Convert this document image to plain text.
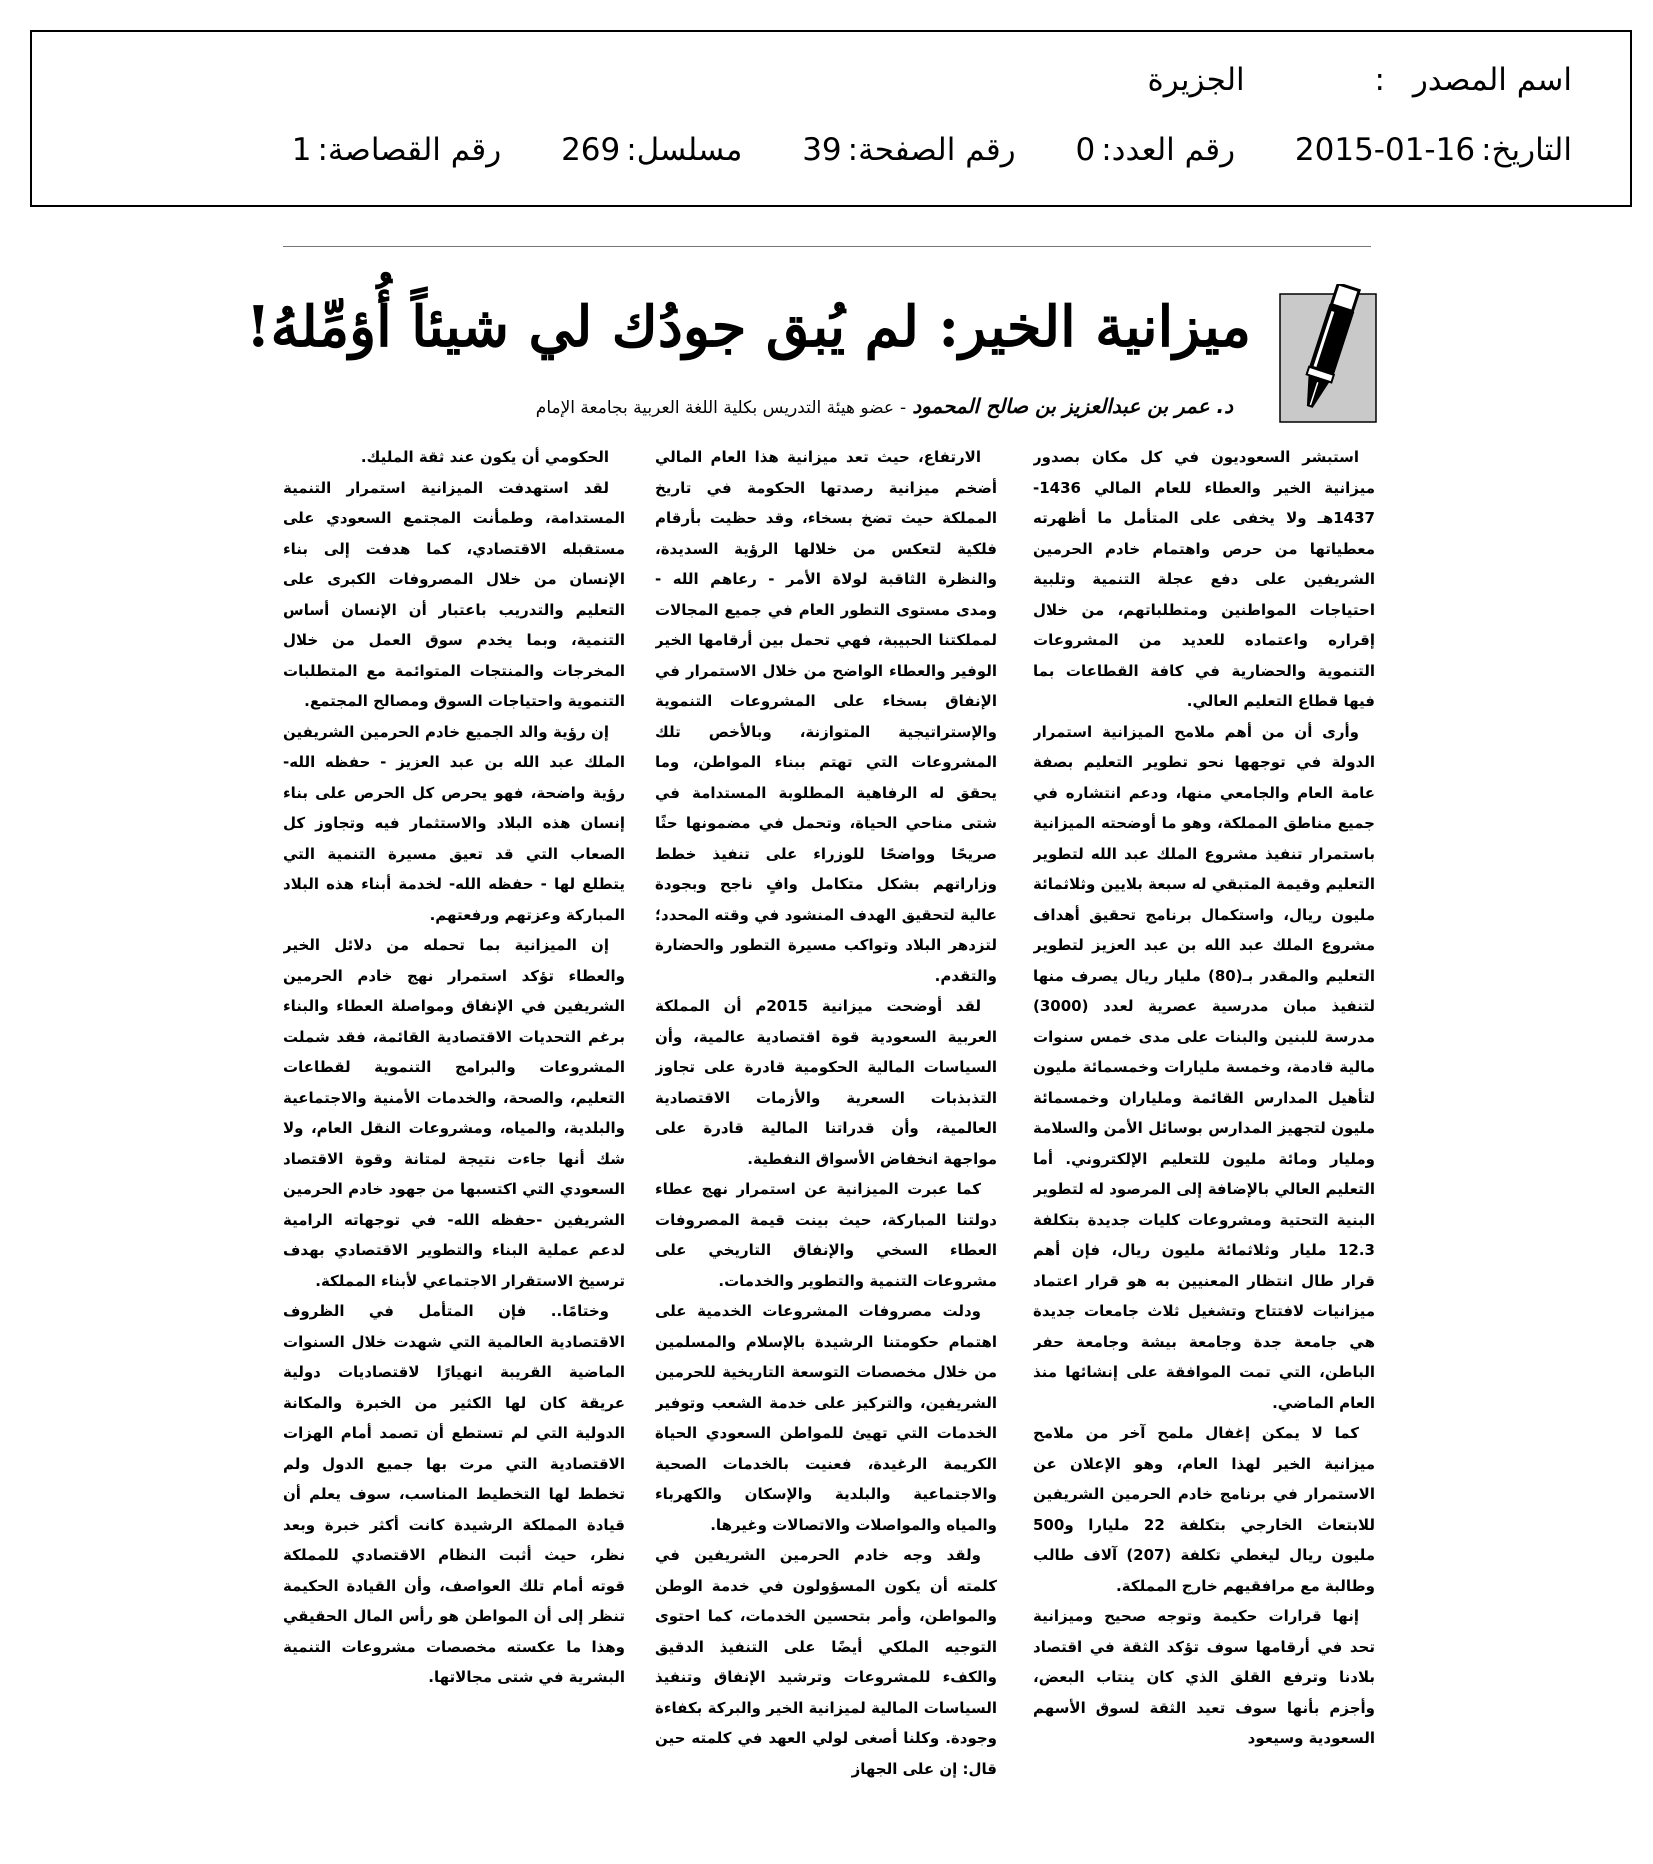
اسم المصدر : الجزيرة
التاريخ:2015-01-16 رقم العدد:0 رقم الصفحة:39 مسلسل:269 رقم القصاصة:1
ميزانية الخير: لم يُبق جودُك لي شيئاً أُؤمِّلهُ!
د. عمر بن عبدالعزيز بن صالح المحمود-عضو هيئة التدريس بكلية اللغة العربية بجامعة الإمام

استبشر السعوديون في كل مكان بصدور ميزانية الخير والعطاء للعام المالي 1436-1437هـ ولا يخفى على المتأمل ما أظهرته معطياتها من حرص واهتمام خادم الحرمين الشريفين على دفع عجلة التنمية وتلبية احتياجات المواطنين ومتطلباتهم، من خلال إقراره واعتماده للعديد من المشروعات التنموية والحضارية في كافة القطاعات بما فيها قطاع التعليم العالي.

وأرى أن من أهم ملامح الميزانية استمرار الدولة في توجهها نحو تطوير التعليم بصفة عامة العام والجامعي منها، ودعم انتشاره في جميع مناطق المملكة، وهو ما أوضحته الميزانية باستمرار تنفيذ مشروع الملك عبد الله لتطوير التعليم وقيمة المتبقي له سبعة بلايين وثلاثمائة مليون ريال، واستكمال برنامج تحقيق أهداف مشروع الملك عبد الله بن عبد العزيز لتطوير التعليم والمقدر بـ(80) مليار ريال يصرف منها لتنفيذ مبان مدرسية عصرية لعدد (3000) مدرسة للبنين والبنات على مدى خمس سنوات مالية قادمة، وخمسة مليارات وخمسمائة مليون لتأهيل المدارس القائمة وملياران وخمسمائة مليون لتجهيز المدارس بوسائل الأمن والسلامة ومليار ومائة مليون للتعليم الإلكتروني. أما التعليم العالي بالإضافة إلى المرصود له لتطوير البنية التحتية ومشروعات كليات جديدة بتكلفة 12.3 مليار وثلاثمائة مليون ريال، فإن أهم قرار طال انتظار المعنيين به هو قرار اعتماد ميزانيات لافتتاح وتشغيل ثلاث جامعات جديدة هي جامعة جدة وجامعة بيشة وجامعة حفر الباطن، التي تمت الموافقة على إنشائها منذ العام الماضي.

كما لا يمكن إغفال ملمح آخر من ملامح ميزانية الخير لهذا العام، وهو الإعلان عن الاستمرار في برنامج خادم الحرمين الشريفين للابتعاث الخارجي بتكلفة 22 مليارا و500 مليون ريال ليغطي تكلفة (207) آلاف طالب وطالبة مع مرافقيهم خارج المملكة.

إنها قرارات حكيمة وتوجه صحيح وميزانية تحد في أرقامها سوف تؤكد الثقة في اقتصاد بلادنا وترفع القلق الذي كان ينتاب البعض، وأجزم بأنها سوف تعيد الثقة لسوق الأسهم السعودية وسيعود

الارتفاع، حيث تعد ميزانية هذا العام المالي أضخم ميزانية رصدتها الحكومة في تاريخ المملكة حيث تضخ بسخاء، وقد حظيت بأرقام فلكية لتعكس من خلالها الرؤية السديدة، والنظرة الثاقبة لولاة الأمر - رعاهم الله - ومدى مستوى التطور العام في جميع المجالات لمملكتنا الحبيبة، فهي تحمل بين أرقامها الخير الوفير والعطاء الواضح من خلال الاستمرار في الإنفاق بسخاء على المشروعات التنموية والإستراتيجية المتوازنة، وبالأخص تلك المشروعات التي تهتم ببناء المواطن، وما يحقق له الرفاهية المطلوبة المستدامة في شتى مناحي الحياة، وتحمل في مضمونها حثًا صريحًا وواضحًا للوزراء على تنفيذ خطط وزاراتهم بشكل متكامل وافٍ ناجح وبجودة عالية لتحقيق الهدف المنشود في وقته المحدد؛ لتزدهر البلاد وتواكب مسيرة التطور والحضارة والتقدم.

لقد أوضحت ميزانية 2015م أن المملكة العربية السعودية قوة اقتصادية عالمية، وأن السياسات المالية الحكومية قادرة على تجاوز التذبذبات السعرية والأزمات الاقتصادية العالمية، وأن قدراتنا المالية قادرة على مواجهة انخفاض الأسواق النفطية.

كما عبرت الميزانية عن استمرار نهج عطاء دولتنا المباركة، حيث بينت قيمة المصروفات العطاء السخي والإنفاق التاريخي على مشروعات التنمية والتطوير والخدمات.

ودلت مصروفات المشروعات الخدمية على اهتمام حكومتنا الرشيدة بالإسلام والمسلمين من خلال مخصصات التوسعة التاريخية للحرمين الشريفين، والتركيز على خدمة الشعب وتوفير الخدمات التي تهيئ للمواطن السعودي الحياة الكريمة الرغيدة، فعنيت بالخدمات الصحية والاجتماعية والبلدية والإسكان والكهرباء والمياه والمواصلات والاتصالات وغيرها.

ولقد وجه خادم الحرمين الشريفين في كلمته أن يكون المسؤولون في خدمة الوطن والمواطن، وأمر بتحسين الخدمات، كما احتوى التوجيه الملكي أيضًا على التنفيذ الدقيق والكفء للمشروعات وترشيد الإنفاق وتنفيذ السياسات المالية لميزانية الخير والبركة بكفاءة وجودة. وكلنا أصغى لولي العهد في كلمته حين قال: إن على الجهاز

الحكومي أن يكون عند ثقة المليك.

لقد استهدفت الميزانية استمرار التنمية المستدامة، وطمأنت المجتمع السعودي على مستقبله الاقتصادي، كما هدفت إلى بناء الإنسان من خلال المصروفات الكبرى على التعليم والتدريب باعتبار أن الإنسان أساس التنمية، وبما يخدم سوق العمل من خلال المخرجات والمنتجات المتوائمة مع المتطلبات التنموية واحتياجات السوق ومصالح المجتمع.

إن رؤية والد الجميع خادم الحرمين الشريفين الملك عبد الله بن عبد العزيز - حفظه الله- رؤية واضحة، فهو يحرص كل الحرص على بناء إنسان هذه البلاد والاستثمار فيه وتجاوز كل الصعاب التي قد تعيق مسيرة التنمية التي يتطلع لها - حفظه الله- لخدمة أبناء هذه البلاد المباركة وعزتهم ورفعتهم.

إن الميزانية بما تحمله من دلائل الخير والعطاء تؤكد استمرار نهج خادم الحرمين الشريفين في الإنفاق ومواصلة العطاء والبناء برغم التحديات الاقتصادية القائمة، فقد شملت المشروعات والبرامج التنموية لقطاعات التعليم، والصحة، والخدمات الأمنية والاجتماعية والبلدية، والمياه، ومشروعات النقل العام، ولا شك أنها جاءت نتيجة لمتانة وقوة الاقتصاد السعودي التي اكتسبها من جهود خادم الحرمين الشريفين -حفظه الله- في توجهاته الرامية لدعم عملية البناء والتطوير الاقتصادي بهدف ترسيخ الاستقرار الاجتماعي لأبناء المملكة.

وختامًا.. فإن المتأمل في الظروف الاقتصادية العالمية التي شهدت خلال السنوات الماضية القريبة انهيارًا لاقتصاديات دولية عريقة كان لها الكثير من الخبرة والمكانة الدولية التي لم تستطع أن تصمد أمام الهزات الاقتصادية التي مرت بها جميع الدول ولم تخطط لها التخطيط المناسب، سوف يعلم أن قيادة المملكة الرشيدة كانت أكثر خبرة وبعد نظر، حيث أثبت النظام الاقتصادي للمملكة قوته أمام تلك العواصف، وأن القيادة الحكيمة تنظر إلى أن المواطن هو رأس المال الحقيقي وهذا ما عكسته مخصصات مشروعات التنمية البشرية في شتى مجالاتها.
